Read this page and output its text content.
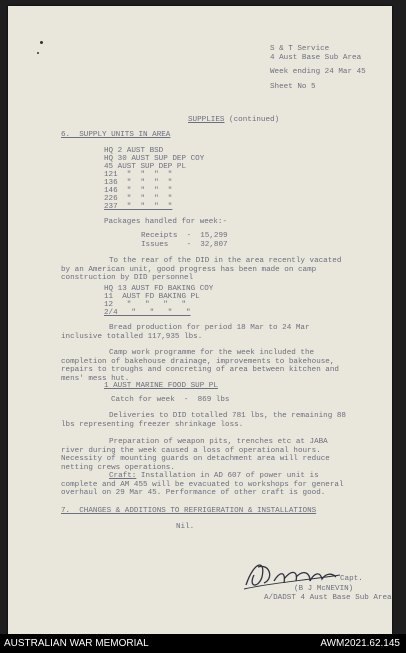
S & T Service

4 Aust Base Sub Area

Week ending 24 Mar 45

Sheet No 5

SUPPLIES (continued)

6.  SUPPLY UNITS IN AREA

HQ 2 AUST BSD

HQ 30 AUST SUP DEP COY

45 AUST SUP DEP PL

121  "  "  "  "

136  "  "  "  "

146  "  "  "  "

226  "  "  "  "

237  "  "  "  "

Packages handled for week:-

Receipts  -  15,299

Issues    -  32,807

To the rear of the DID in the area recently vacated by an American unit, good progress has been made on camp construction by DID personnel

HQ 13 AUST FD BAKING COY

11  AUST FD BAKING PL

12   "   "   "   "

2/4   "   "   "   "

Bread production for period 18 Mar to 24 Mar inclusive totalled 117,935 lbs.

Camp work programme for the week included the completion of bakehouse drainage, improvements to bakehouse, repairs to troughs and concreting of area between kitchen and mens' mess hut.

1 AUST MARINE FOOD SUP PL

Catch for week  -  869 lbs

Deliveries to DID totalled 781 lbs, the remaining 88 lbs representing freezer shrinkage loss.

Preparation of weapon pits, trenches etc at JABA river during the week caused a loss of operational hours. Necessity of mounting guards on detachment area will reduce netting crews operations.

Craft: Installation in AD 607 of power unit is complete and AM 455 will be evacuated to workshops for general overhaul on 29 Mar 45. Performance of other craft is good.

7.  CHANGES & ADDITIONS TO REFRIGERATION & INSTALLATIONS

Nil.

Bmoun	Capt.

(B J McNEVIN)

A/DADST 4 Aust Base Sub Area

AUSTRALIAN WAR MEMORIAL	AWM2021.62.145
